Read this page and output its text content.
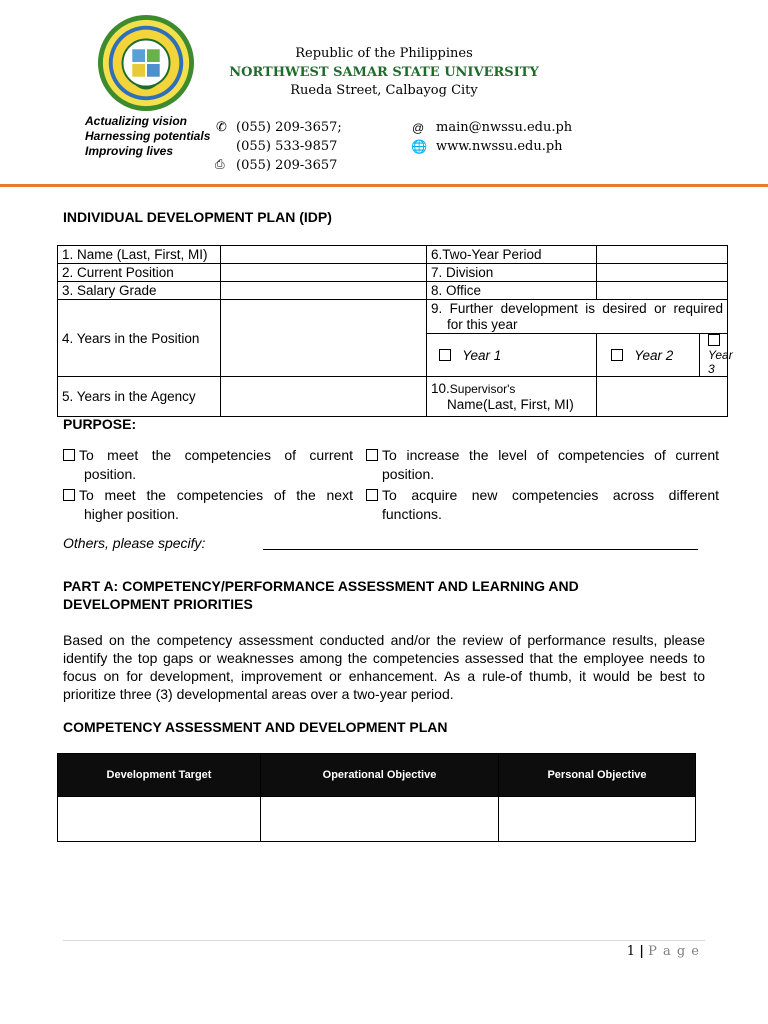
Republic of the Philippines
NORTHWEST SAMAR STATE UNIVERSITY
Rueda Street, Calbayog City
Actualizing vision
Harnessing potentials
Improving lives
✆
⎙
(055) 209-3657;
(055) 533-9857
(055) 209-3657
@
🌐
main@nwssu.edu.ph
www.nwssu.edu.ph
INDIVIDUAL DEVELOPMENT PLAN (IDP)
1. Name (Last, First, MI)		6.Two-Year Period		
2. Current Position		7. Division		
3. Salary Grade		8. Office		
4. Years in the Position		9. Further development is desired or required
for this year		

		Year 1	Year 2	Year 3
5. Years in the Agency		10.Supervisor's
Name(Last, First, MI)		

PURPOSE:
To meet the competencies of current
position.
To increase the level of competencies of current
position.
To meet the competencies of the next
higher position.
To acquire new competencies across different
functions.
Others, please specify:
PART A: COMPETENCY/PERFORMANCE ASSESSMENT AND LEARNING AND
DEVELOPMENT PRIORITIES
Based on the competency assessment conducted and/or the review of performance results, please identify the top gaps or weaknesses among the competencies assessed that the employee needs to focus on for development, improvement or enhancement. As a rule-of thumb, it would be best to prioritize three (3) developmental areas over a two-year period.
COMPETENCY ASSESSMENT AND DEVELOPMENT PLAN
Development Target	Operational Objective	Personal Objective

1 | P a g e
